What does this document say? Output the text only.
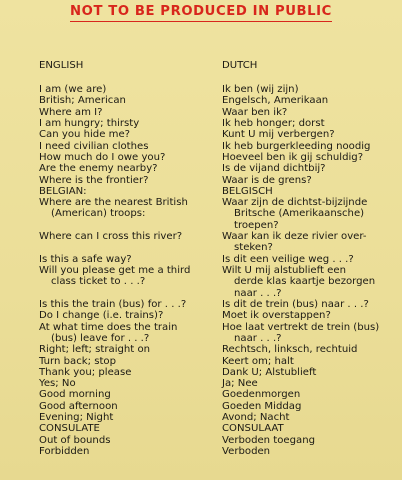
NOT TO BE PRODUCED IN PUBLIC
ENGLISH
I am (we are)
British; American
Where am I?
I am hungry; thirsty
Can you hide me?
I need civilian clothes
How much do I owe you?
Are the enemy nearby?
Where is the frontier?
BELGIAN:
Where are the nearest British
(American) troops:
Where can I cross this river?
Is this a safe way?
Will you please get me a third
class ticket to . . .?
Is this the train (bus) for . . .?
Do I change (i.e. trains)?
At what time does the train
(bus) leave for . . .?
Right; left; straight on
Turn back; stop
Thank you; please
Yes; No
Good morning
Good afternoon
Evening; Night
CONSULATE
Out of bounds
Forbidden
DUTCH
Ik ben (wij zijn)
Engelsch, Amerikaan
Waar ben ik?
Ik heb honger; dorst
Kunt U mij verbergen?
Ik heb burgerkleeding noodig
Hoeveel ben ik gij schuldig?
Is de vijand dichtbij?
Waar is de grens?
BELGISCH
Waar zijn de dichtst-bijzijnde
Britsche (Amerikaansche)
troepen?
Waar kan ik deze rivier over-
steken?
Is dit een veilige weg . . .?
Wilt U mij alstublieft een
derde klas kaartje bezorgen
naar . . .?
Is dit de trein (bus) naar . . .?
Moet ik overstappen?
Hoe laat vertrekt de trein (bus)
naar . . .?
Rechtsch, linksch, rechtuid
Keert om; halt
Dank U; Alstublieft
Ja; Nee
Goedenmorgen
Goeden Middag
Avond; Nacht
CONSULAAT
Verboden toegang
Verboden
